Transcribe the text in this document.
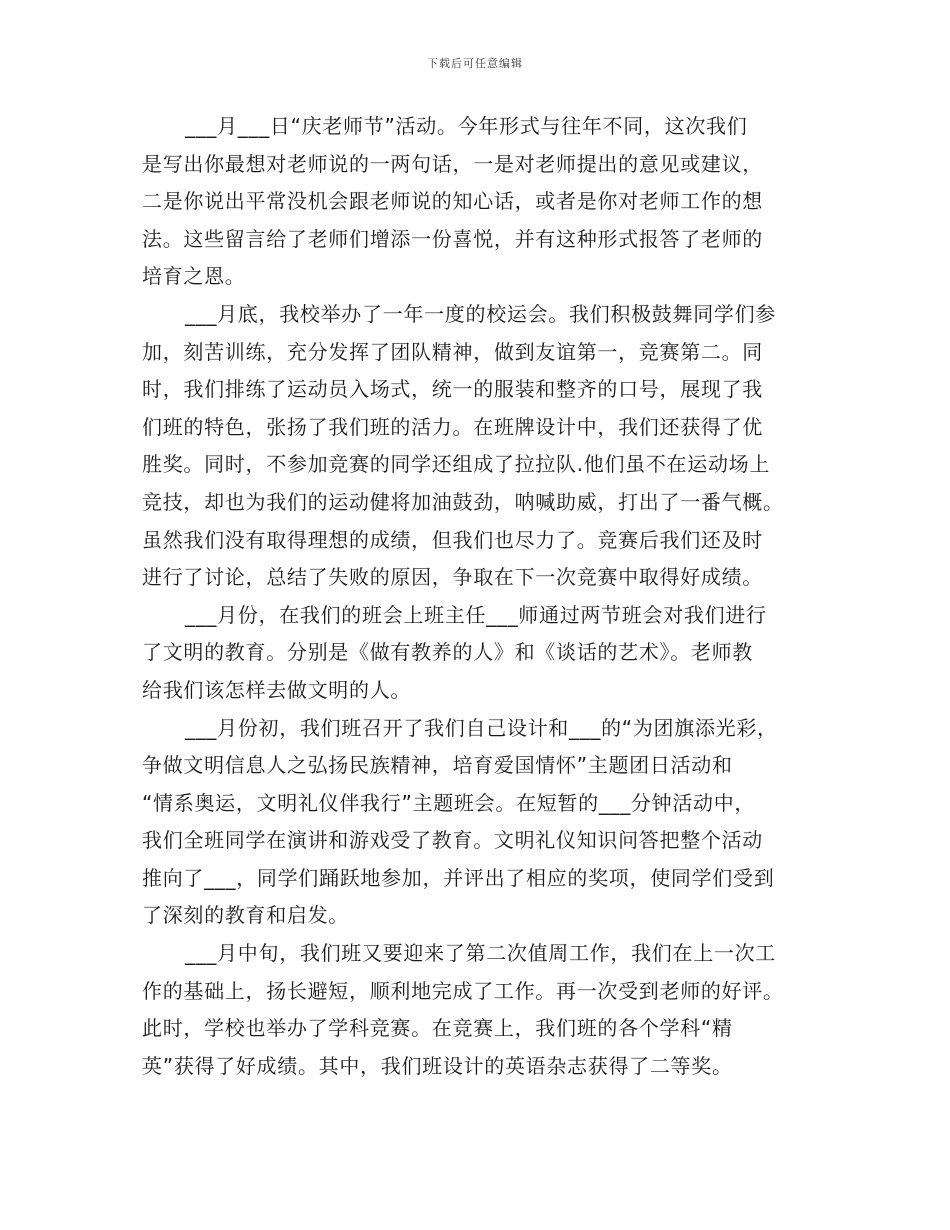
下载后可任意编辑
___月___日“庆老师节”活动。今年形式与往年不同，这次我们
是写出你最想对老师说的一两句话，一是对老师提出的意见或建议，
二是你说出平常没机会跟老师说的知心话，或者是你对老师工作的想
法。这些留言给了老师们增添一份喜悦，并有这种形式报答了老师的
培育之恩。
___月底，我校举办了一年一度的校运会。我们积极鼓舞同学们参
加，刻苦训练，充分发挥了团队精神，做到友谊第一，竞赛第二。同
时，我们排练了运动员入场式，统一的服装和整齐的口号，展现了我
们班的特色，张扬了我们班的活力。在班牌设计中，我们还获得了优
胜奖。同时，不参加竞赛的同学还组成了拉拉队.他们虽不在运动场上
竞技，却也为我们的运动健将加油鼓劲，呐喊助威，打出了一番气概。
虽然我们没有取得理想的成绩，但我们也尽力了。竞赛后我们还及时
进行了讨论，总结了失败的原因，争取在下一次竞赛中取得好成绩。
___月份，在我们的班会上班主任___师通过两节班会对我们进行
了文明的教育。分别是《做有教养的人》和《谈话的艺术》。老师教
给我们该怎样去做文明的人。
___月份初，我们班召开了我们自己设计和___的“为团旗添光彩，
争做文明信息人之弘扬民族精神，培育爱国情怀”主题团日活动和
“情系奥运，文明礼仪伴我行”主题班会。在短暂的___分钟活动中，
我们全班同学在演讲和游戏受了教育。文明礼仪知识问答把整个活动
推向了___，同学们踊跃地参加，并评出了相应的奖项，使同学们受到
了深刻的教育和启发。
___月中旬，我们班又要迎来了第二次值周工作，我们在上一次工
作的基础上，扬长避短，顺利地完成了工作。再一次受到老师的好评。
此时，学校也举办了学科竞赛。在竞赛上，我们班的各个学科“精
英”获得了好成绩。其中，我们班设计的英语杂志获得了二等奖。
